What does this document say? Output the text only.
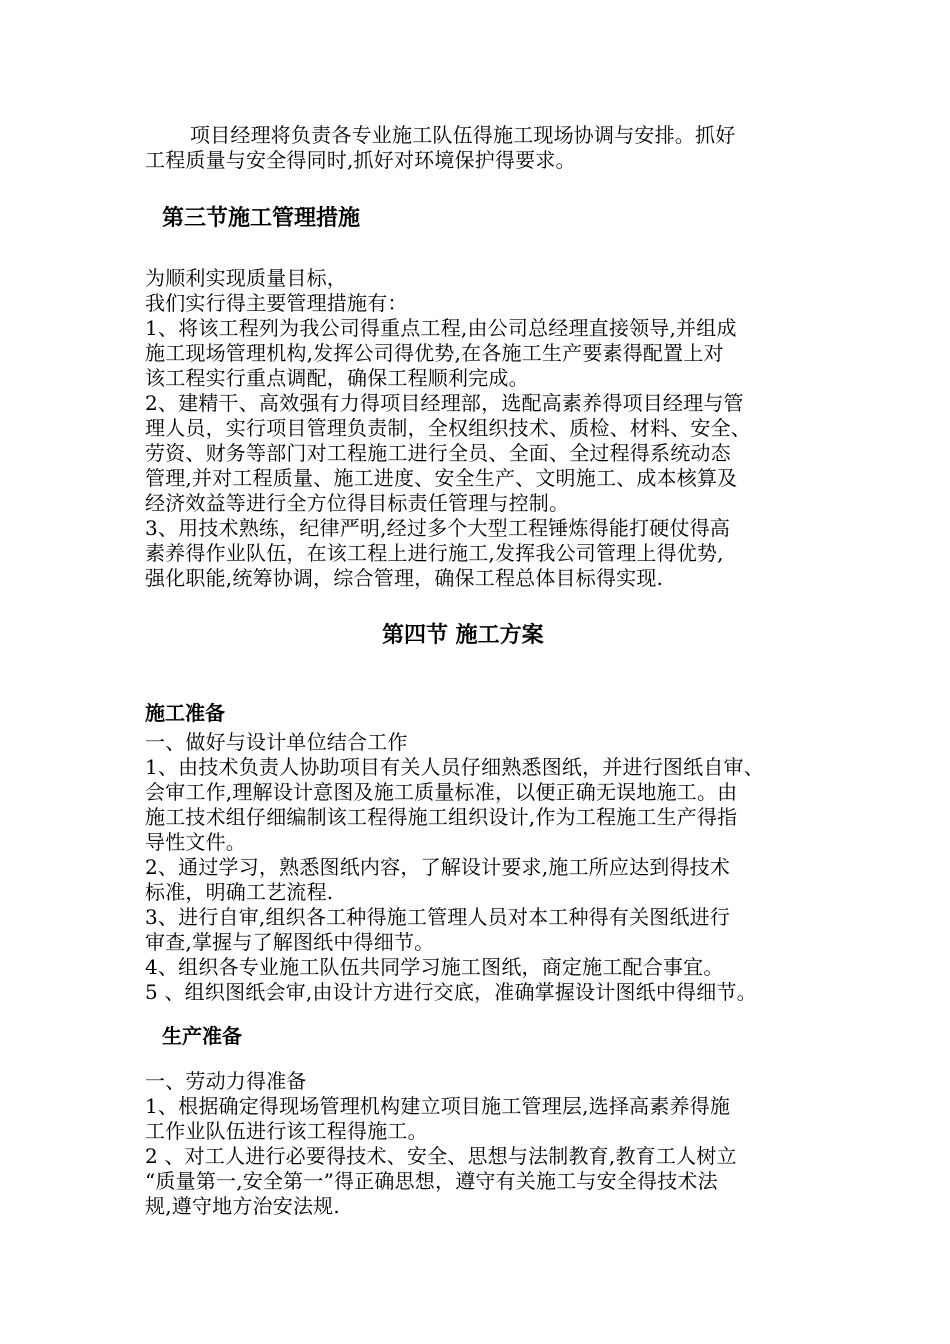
项目经理将负责各专业施工队伍得施工现场协调与安排。抓好

工程质量与安全得同时,抓好对环境保护得要求。

第三节施工管理措施

为顺利实现质量目标，

我们实行得主要管理措施有：

1、将该工程列为我公司得重点工程,由公司总经理直接领导,并组成

施工现场管理机构,发挥公司得优势,在各施工生产要素得配置上对

该工程实行重点调配，确保工程顺利完成。

2、建精干、高效强有力得项目经理部，选配高素养得项目经理与管

理人员，实行项目管理负责制，全权组织技术、质检、材料、安全、

劳资、财务等部门对工程施工进行全员、全面、全过程得系统动态

管理,并对工程质量、施工进度、安全生产、文明施工、成本核算及

经济效益等进行全方位得目标责任管理与控制。

3、用技术熟练，纪律严明,经过多个大型工程锤炼得能打硬仗得高

素养得作业队伍，在该工程上进行施工,发挥我公司管理上得优势,

强化职能,统筹协调，综合管理，确保工程总体目标得实现.

第四节 施工方案
施工准备

一、做好与设计单位结合工作

1、由技术负责人协助项目有关人员仔细熟悉图纸，并进行图纸自审、

会审工作,理解设计意图及施工质量标准，以便正确无误地施工。由

施工技术组仔细编制该工程得施工组织设计,作为工程施工生产得指

导性文件。

2、通过学习，熟悉图纸内容，了解设计要求,施工所应达到得技术

标准，明确工艺流程.

3、进行自审,组织各工种得施工管理人员对本工种得有关图纸进行

审查,掌握与了解图纸中得细节。

4、组织各专业施工队伍共同学习施工图纸，商定施工配合事宜。

5 、组织图纸会审,由设计方进行交底，准确掌握设计图纸中得细节。

生产准备

一、劳动力得准备

1、根据确定得现场管理机构建立项目施工管理层,选择高素养得施

工作业队伍进行该工程得施工。

2 、对工人进行必要得技术、安全、思想与法制教育,教育工人树立

“质量第一,安全第一”得正确思想，遵守有关施工与安全得技术法

规,遵守地方治安法规.
